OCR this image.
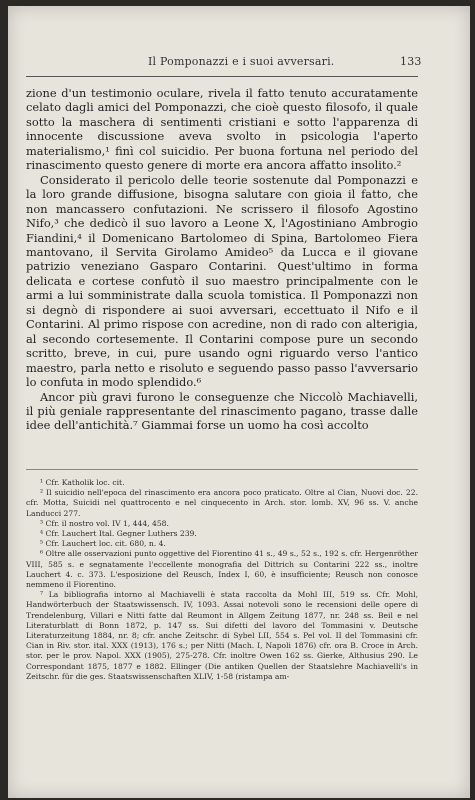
Il Pomponazzi e i suoi avversari.	133

zione d'un testimonio oculare, rivela il fatto tenuto accuratamente celato dagli amici del Pomponazzi, che cioè questo filosofo, il quale sotto la maschera di sentimenti cristiani e sotto l'apparenza di innocente discussione aveva svolto in psicologia l'aperto materialismo,¹ finì col suicidio. Per buona fortuna nel periodo del rinascimento questo genere di morte era ancora affatto insolito.²

Considerato il pericolo delle teorie sostenute dal Pomponazzi e la loro grande diffusione, bisogna salutare con gioia il fatto, che non mancassero confutazioni. Ne scrissero il filosofo Agostino Nifo,³ che dedicò il suo lavoro a Leone X, l'Agostiniano Ambrogio Fiandini,⁴ il Domenicano Bartolomeo di Spina, Bartolomeo Fiera mantovano, il Servita Girolamo Amideo⁵ da Lucca e il giovane patrizio veneziano Gasparo Contarini. Quest'ultimo in forma delicata e cortese confutò il suo maestro principalmente con le armi a lui somministrate dalla scuola tomistica. Il Pomponazzi non si degnò di rispondere ai suoi avversari, eccettuato il Nifo e il Contarini. Al primo rispose con acredine, non di rado con alterigia, al secondo cortesemente. Il Contarini compose pure un secondo scritto, breve, in cui, pure usando ogni riguardo verso l'antico maestro, parla netto e risoluto e seguendo passo passo l'avversario lo confuta in modo splendido.⁶

Ancor più gravi furono le conseguenze che Niccolò Machiavelli, il più geniale rappresentante del rinascimento pagano, trasse dalle idee dell'antichità.⁷ Giammai forse un uomo ha così accolto

¹ Cfr. Katholik loc. cit.

² Il suicidio nell'epoca del rinascimento era ancora poco praticato. Oltre al Cian, Nuovi doc. 22. cfr. Motta, Suicidi nel quattrocento e nel cinquecento in Arch. stor. lomb. XV, 96 ss. V. anche Landucci 277.

³ Cfr. il nostro vol. IV 1, 444, 458.

⁴ Cfr. Lauchert Ital. Gegner Luthers 239.

⁵ Cfr. Lauchert loc. cit. 680, n. 4.

⁶ Oltre alle osservazioni punto oggettive del Fiorentino 41 s., 49 s., 52 s., 192 s. cfr. Hergenröther VIII, 585 s. e segnatamente l'eccellente monografia del Dittrich su Contarini 222 ss., inoltre Lauchert 4. c. 373. L'esposizione del Reusch, Index I, 60, è insufficiente; Reusch non conosce nemmeno il Fiorentino.

⁷ La bibliografia intorno al Machiavelli è stata raccolta da Mohl III, 519 ss. Cfr. Mohl, Handwörterbuch der Staatswissensch. IV, 1093. Assai notevoli sono le recensioni delle opere di Trendelenburg, Villari e Nitti fatte dal Reumont in Allgem Zeitung 1877, nr. 248 ss. Beil e nel Literaturblatt di Bonn 1872, p. 147 ss. Sui difetti del lavoro del Tommasini v. Deutsche Literaturzeitung 1884, nr. 8; cfr. anche Zeitschr. di Sybel LII, 554 s. Pel vol. II del Tommasini cfr. Cian in Riv. stor. ital. XXX (1913), 176 s.; per Nitti (Mach. I, Napoli 1876) cfr. ora B. Croce in Arch. stor. per le prov. Napol. XXX (1905), 275-278. Cfr. inoltre Owen 162 ss. Gierke, Althusius 290. Le Correspondant 1875, 1877 e 1882. Ellinger (Die antiken Quellen der Staatslehre Machiavelli's in Zeitschr. für die ges. Staatswissenschaften XLIV, 1-58 (ristampa am-
